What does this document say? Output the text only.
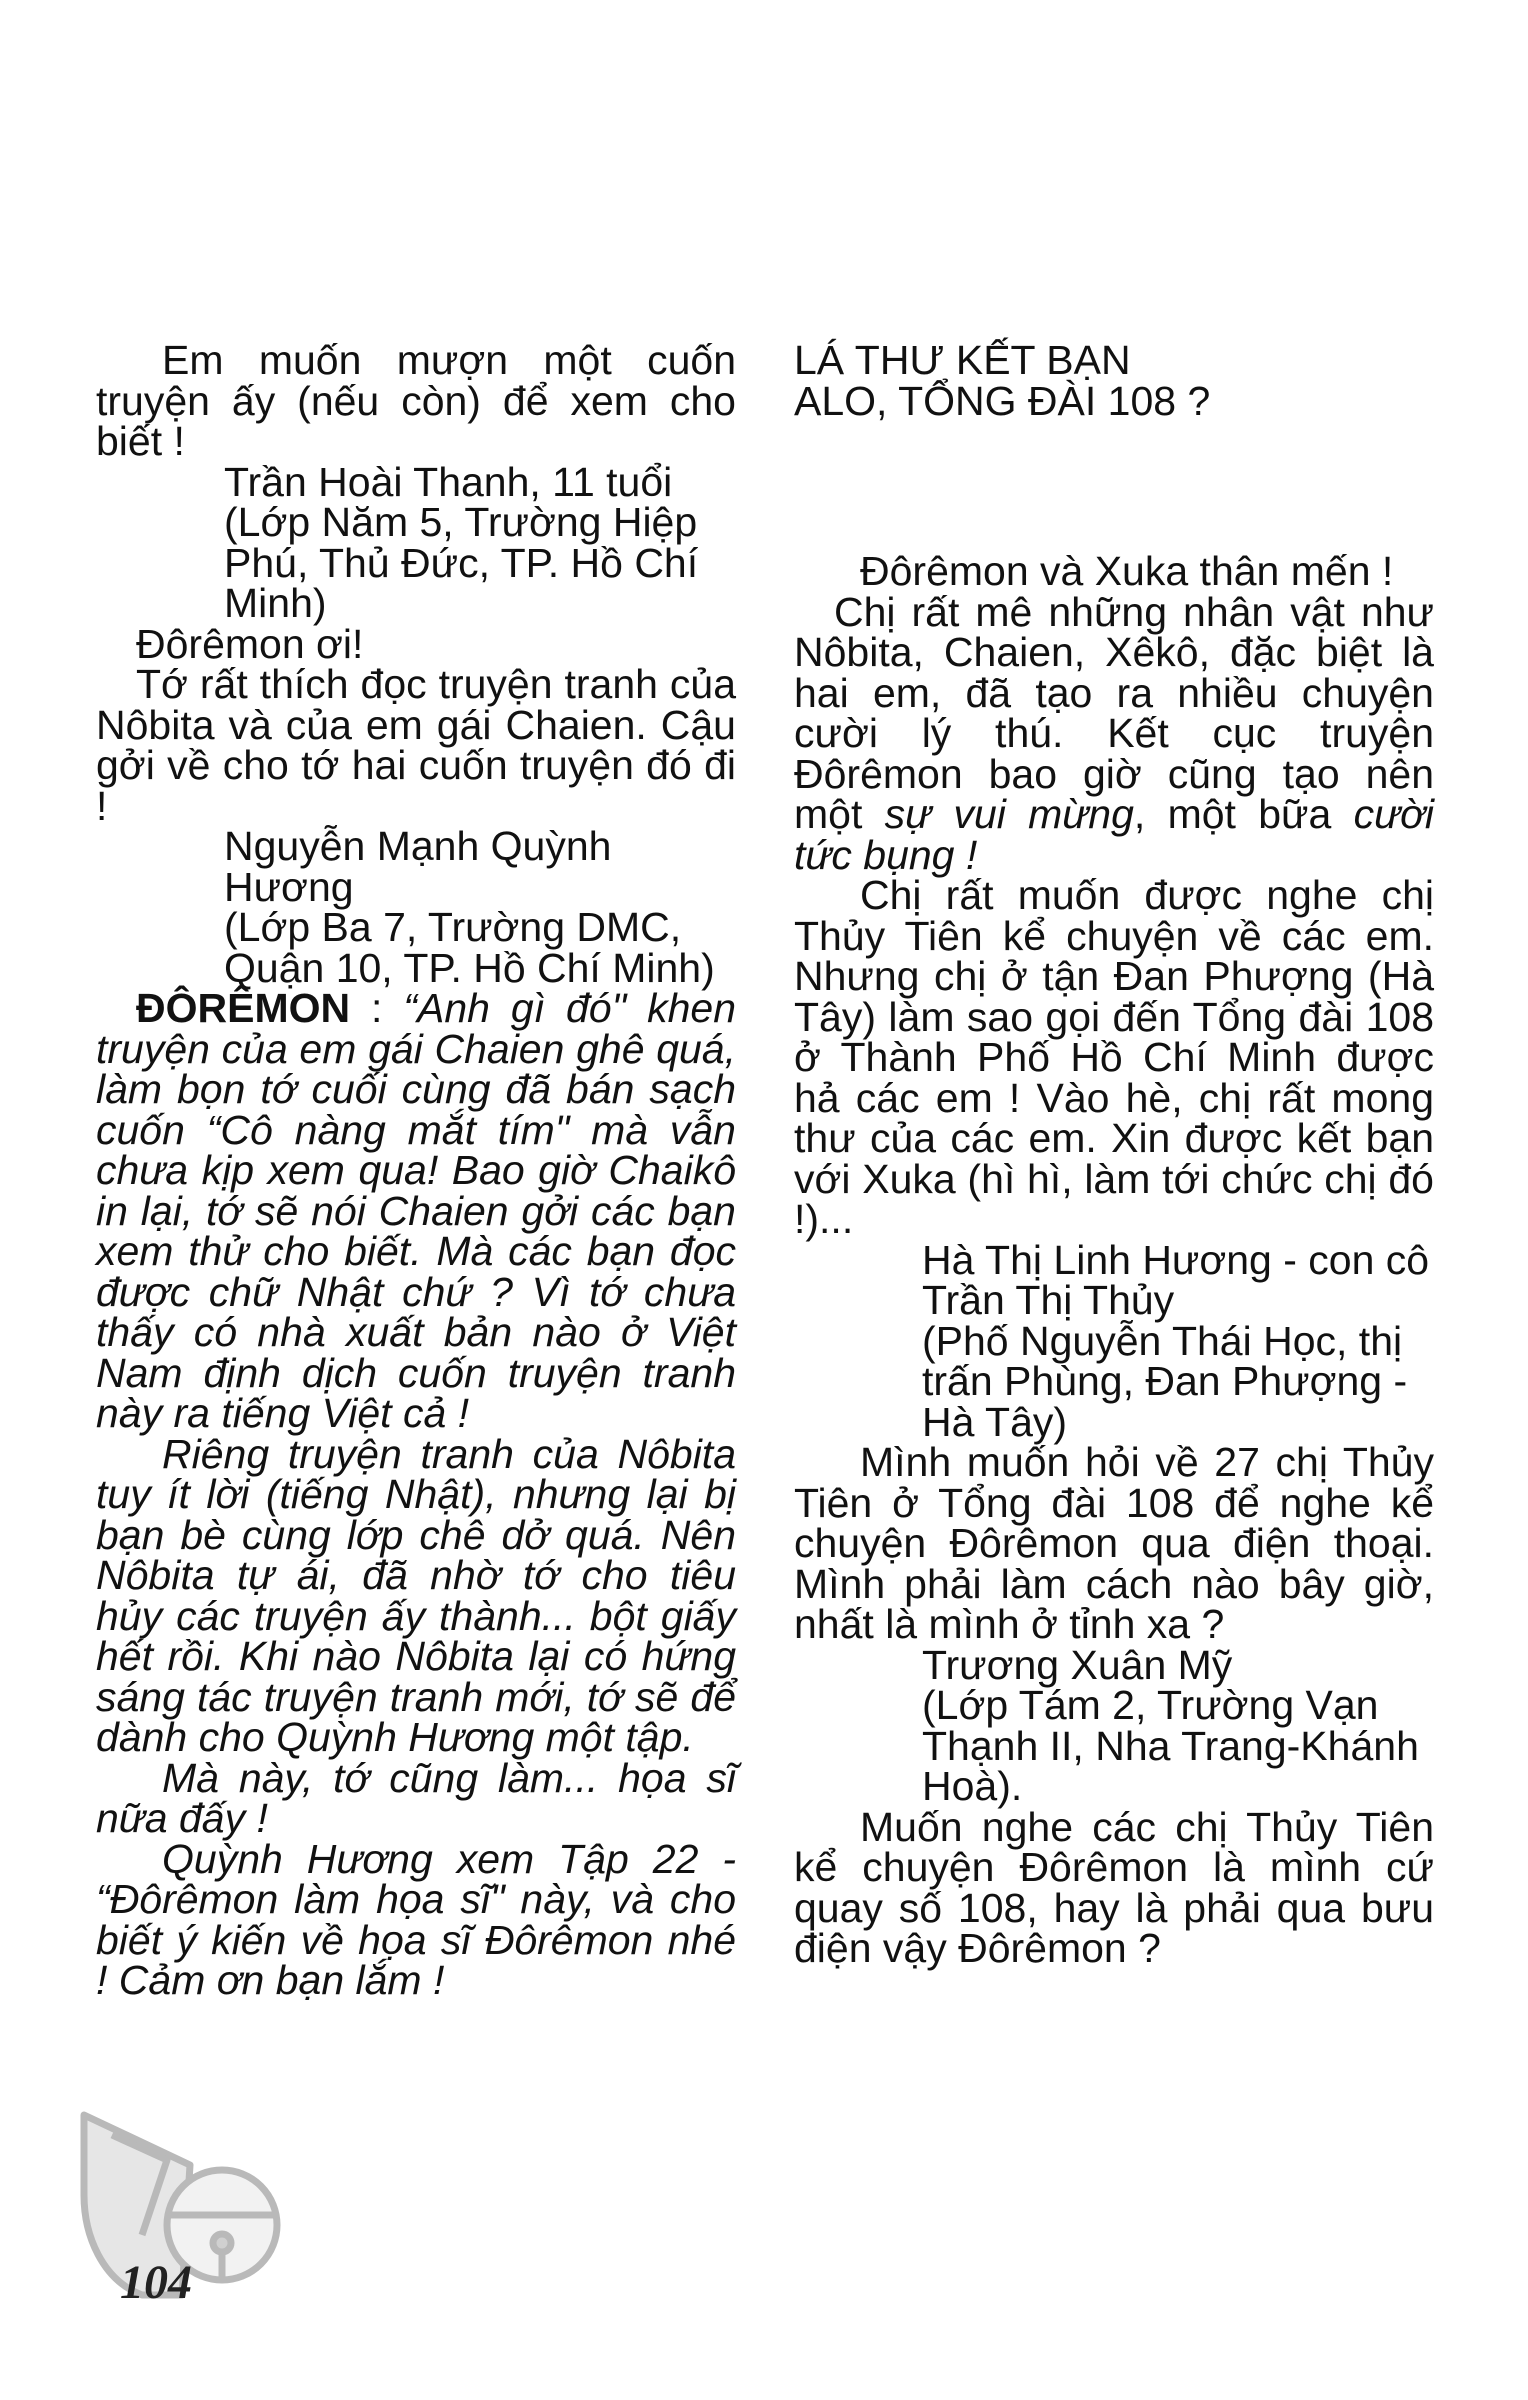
Em muốn mượn một cuốn truyện ấy (nếu còn) để xem cho biết !

Trần Hoài Thanh, 11 tuổi

(Lớp Năm 5, Trường Hiệp Phú, Thủ Đức, TP. Hồ Chí Minh)

Đôrêmon ơi!

Tớ rất thích đọc truyện tranh của Nôbita và của em gái Chaien. Cậu gởi về cho tớ hai cuốn truyện đó đi !

Nguyễn Mạnh Quỳnh Hương

(Lớp Ba 7, Trường DMC, Quận 10, TP. Hồ Chí Minh)

ĐÔRÊMON : “Anh gì đó" khen truyện của em gái Chaien ghê quá, làm bọn tớ cuối cùng đã bán sạch cuốn “Cô nàng mắt tím" mà vẫn chưa kịp xem qua! Bao giờ Chaikô in lại, tớ sẽ nói Chaien gởi các bạn xem thử cho biết. Mà các bạn đọc được chữ Nhật chứ ? Vì tớ chưa thấy có nhà xuất bản nào ở Việt Nam định dịch cuốn truyện tranh này ra tiếng Việt cả !

Riêng truyện tranh của Nôbita tuy ít lời (tiếng Nhật), nhưng lại bị bạn bè cùng lớp chê dở quá. Nên Nôbita tự ái, đã nhờ tớ cho tiêu hủy các truyện ấy thành... bột giấy hết rồi. Khi nào Nôbita lại có hứng sáng tác truyện tranh mới, tớ sẽ để dành cho Quỳnh Hương một tập.

Mà này, tớ cũng làm... họa sĩ nữa đấy !

Quỳnh Hương xem Tập 22 - “Đôrêmon làm họa sĩ" này, và cho biết ý kiến về họa sĩ Đôrêmon nhé ! Cảm ơn bạn lắm !

LÁ THƯ KẾT BẠN

ALO, TỔNG ĐÀI 108 ?

Đôrêmon và Xuka thân mến !

Chị rất mê những nhân vật như Nôbita, Chaien, Xêkô, đặc biệt là hai em, đã tạo ra nhiều chuyện cười lý thú. Kết cục truyện Đôrêmon bao giờ cũng tạo nên một sự vui mừng, một bữa cười tức bụng !

Chị rất muốn được nghe chị Thủy Tiên kể chuyện về các em. Nhưng chị ở tận Đan Phượng (Hà Tây) làm sao gọi đến Tổng đài 108 ở Thành Phố Hồ Chí Minh được hả các em ! Vào hè, chị rất mong thư của các em. Xin được kết bạn với Xuka (hì hì, làm tới chức chị đó !)...

Hà Thị Linh Hương - con cô Trần Thị Thủy

(Phố Nguyễn Thái Học, thị trấn Phùng, Đan Phượng - Hà Tây)

Mình muốn hỏi về 27 chị Thủy Tiên ở Tổng đài 108 để nghe kể chuyện Đôrêmon qua điện thoại. Mình phải làm cách nào bây giờ, nhất là mình ở tỉnh xa ?

Trương Xuân Mỹ

(Lớp Tám 2, Trường Vạn Thạnh II, Nha Trang-Khánh Hoà).

Muốn nghe các chị Thủy Tiên kể chuyện Đôrêmon là mình cứ quay số 108, hay là phải qua bưu điện vậy Đôrêmon ?

104
